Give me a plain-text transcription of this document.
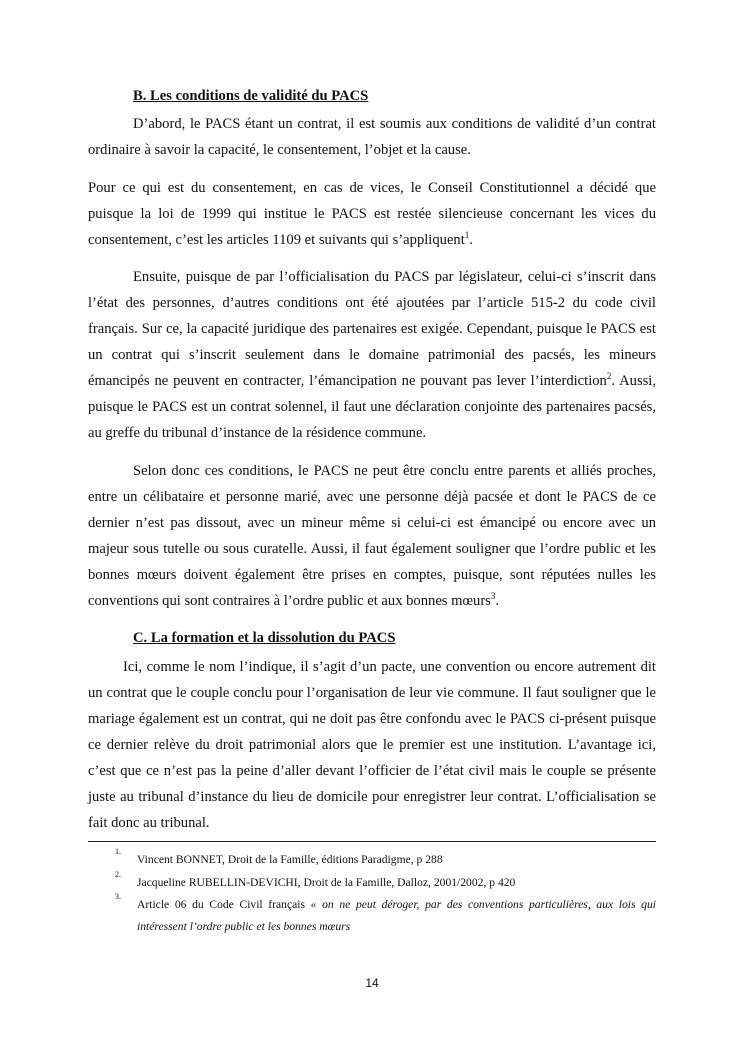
B. Les conditions de validité du PACS

D’abord, le PACS étant un contrat, il est soumis aux conditions de validité d’un contrat ordinaire à savoir la capacité, le consentement, l’objet et la cause.

Pour ce qui est du consentement, en cas de vices, le Conseil Constitutionnel a décidé que puisque la loi de 1999 qui institue le PACS est restée silencieuse concernant les vices du consentement, c’est les articles 1109 et suivants qui s’appliquent$^1$.

Ensuite, puisque de par l’officialisation du PACS par législateur, celui-ci s’inscrit dans l’état des personnes, d’autres conditions ont été ajoutées par l’article 515-2 du code civil français. Sur ce, la capacité juridique des partenaires est exigée. Cependant, puisque le PACS est un contrat qui s’inscrit seulement dans le domaine patrimonial des pacsés, les mineurs émancipés ne peuvent en contracter, l’émancipation ne pouvant pas lever l’interdiction$^2$. Aussi, puisque le PACS est un contrat solennel, il faut une déclaration conjointe des partenaires pacsés, au greffe du tribunal d’instance de la résidence commune.

Selon donc ces conditions, le PACS ne peut être conclu entre parents et alliés proches, entre un célibataire et personne marié, avec une personne déjà pacsée et dont le PACS de ce dernier n’est pas dissout, avec un mineur même si celui-ci est émancipé ou encore avec un majeur sous tutelle ou sous curatelle. Aussi, il faut également souligner que l’ordre public et les bonnes mœurs doivent également être prises en comptes, puisque, sont réputées nulles les conventions qui sont contraires à l’ordre public et aux bonnes mœurs$^3$.

C. La formation et la dissolution du PACS

Ici, comme le nom l’indique, il s’agit d’un pacte, une convention ou encore autrement dit un contrat que le couple conclu pour l’organisation de leur vie commune. Il faut souligner que le mariage également est un contrat, qui ne doit pas être confondu avec le PACS ci-présent puisque ce dernier relève du droit patrimonial alors que le premier est une institution. L’avantage ici, c’est que ce n’est pas la peine d’aller devant l’officier de l’état civil mais le couple se présente juste au tribunal d’instance du lieu de domicile pour enregistrer leur contrat. L’officialisation se fait donc au tribunal.

1.
Vincent BONNET, Droit de la Famille, éditions Paradigme, p 288
2.
Jacqueline RUBELLIN-DEVICHI, Droit de la Famille, Dalloz, 2001/2002, p 420
3.
Article 06 du Code Civil français « on ne peut déroger, par des conventions particulières, aux lois qui intéressent l’ordre public et les bonnes mœurs
14
